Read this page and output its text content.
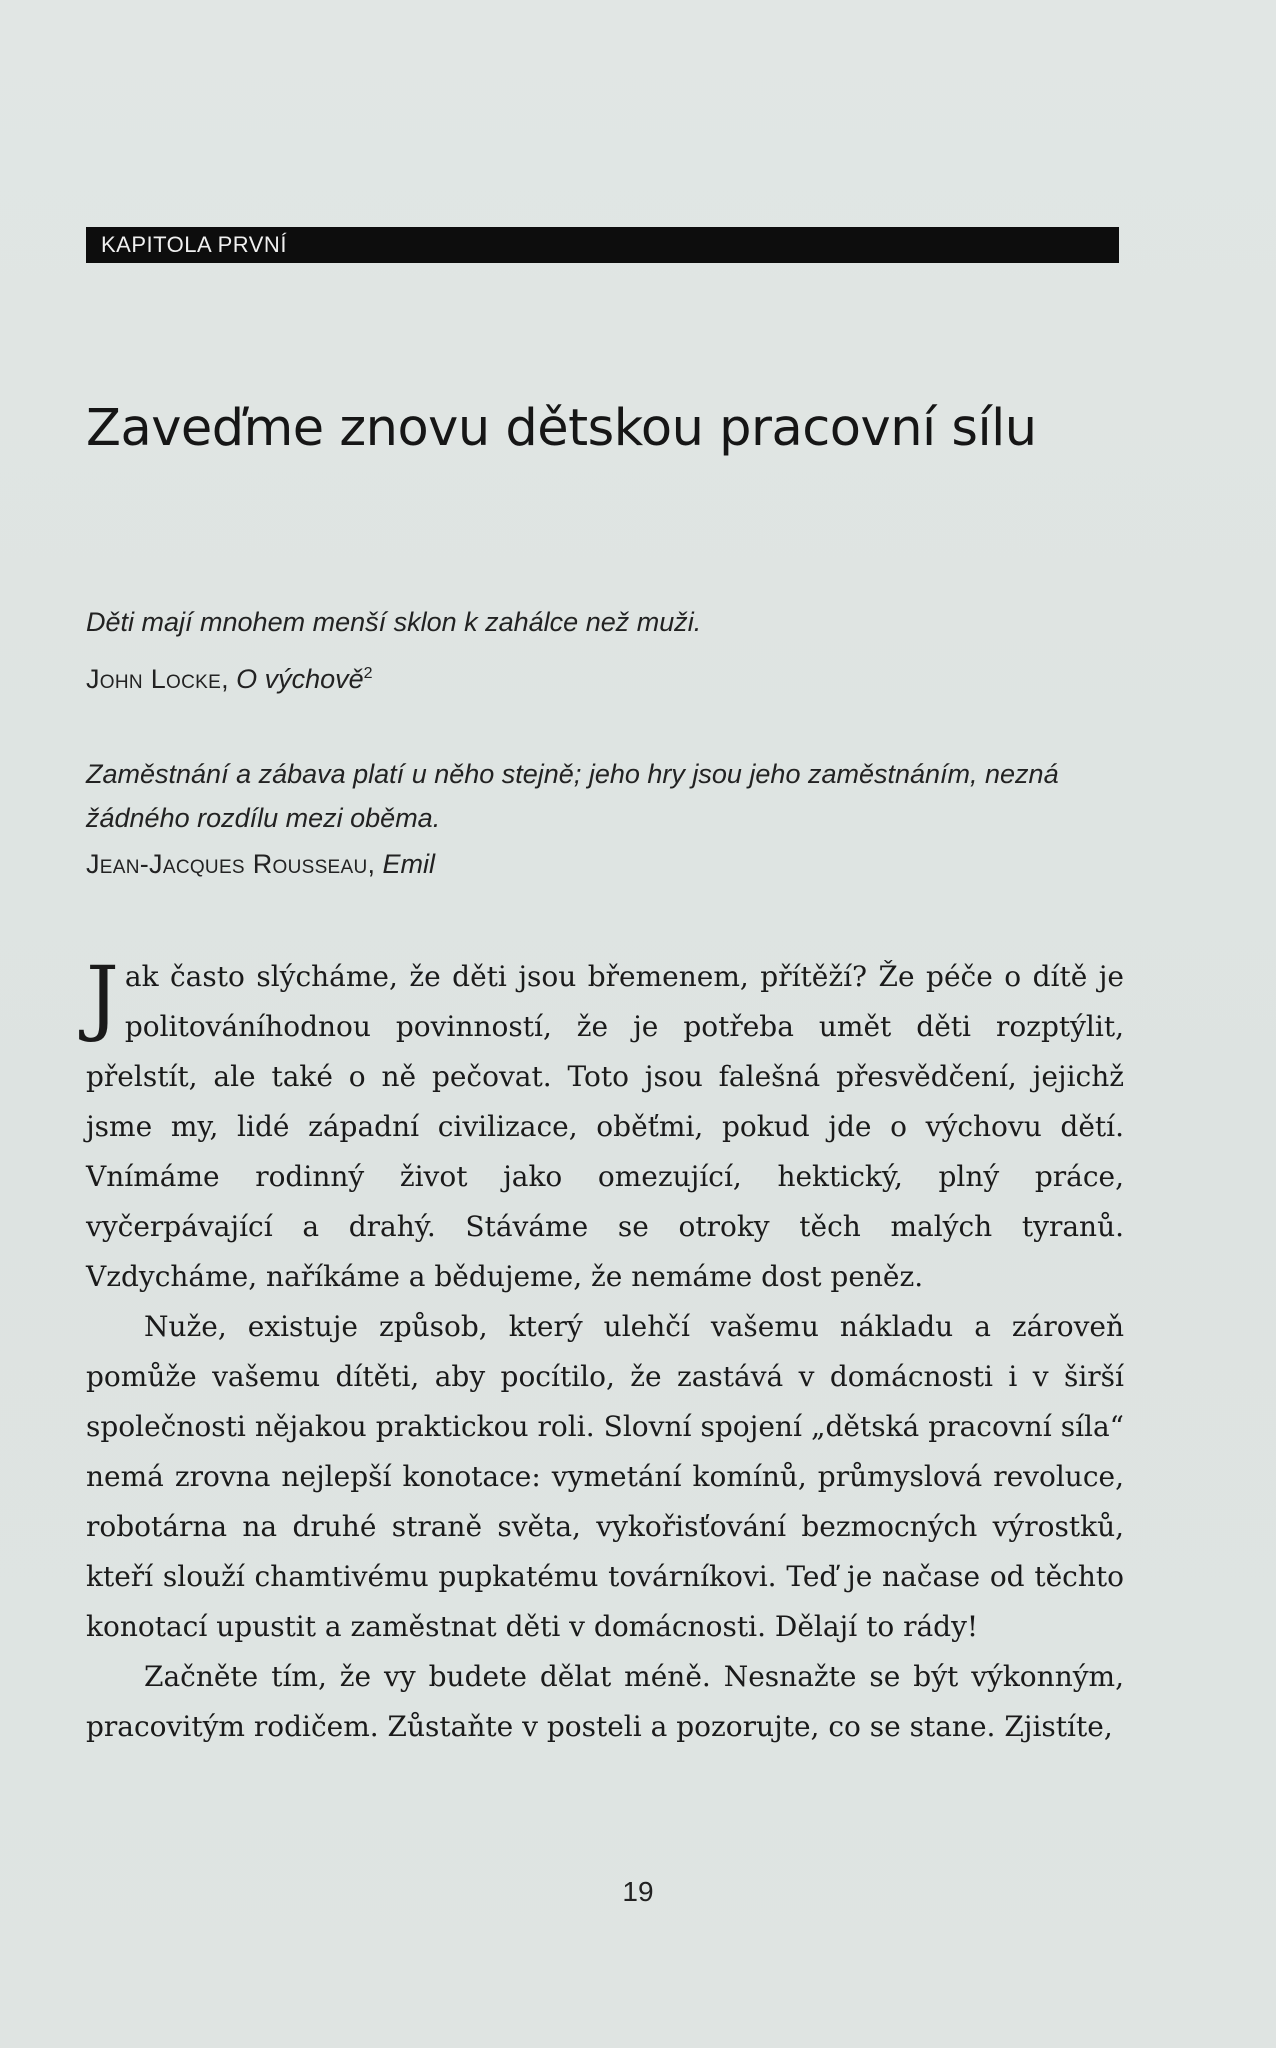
KAPITOLA PRVNÍ
Zaveďme znovu dětskou pracovní sílu
Děti mají mnohem menší sklon k zahálce než muži.
John Locke, O výchově$^2$
Zaměstnání a zábava platí u něho stejně; jeho hry jsou jeho zaměstnáním, nezná žádného rozdílu mezi oběma.
Jean-Jacques Rousseau, Emil

Jak často slýcháme, že děti jsou břemenem, přítěží? Že péče o dítě je politováníhodnou povinností, že je potřeba umět děti rozptýlit, přelstít, ale také o ně pečovat. Toto jsou falešná přesvědčení, jejichž jsme my, lidé západní civilizace, oběťmi, pokud jde o výchovu dětí. Vnímáme rodinný život jako omezující, hektický, plný práce, vyčerpávající a drahý. Stáváme se otroky těch malých tyranů. Vzdycháme, naříkáme a bědujeme, že nemáme dost peněz.

Nuže, existuje způsob, který ulehčí vašemu nákladu a zároveň pomůže vašemu dítěti, aby pocítilo, že zastává v domácnosti i v širší společnosti nějakou praktickou roli. Slovní spojení „dětská pracovní síla“ nemá zrovna nejlepší konotace: vymetání komínů, průmyslová revoluce, robotárna na druhé straně světa, vykořisťování bezmocných výrostků, kteří slouží chamtivému pupkatému továrníkovi. Teď je načase od těchto konotací upustit a zaměstnat děti v domácnosti. Dělají to rády!

Začněte tím, že vy budete dělat méně. Nesnažte se být výkonným, pracovitým rodičem. Zůstaňte v posteli a pozorujte, co se stane. Zjistíte,

19
